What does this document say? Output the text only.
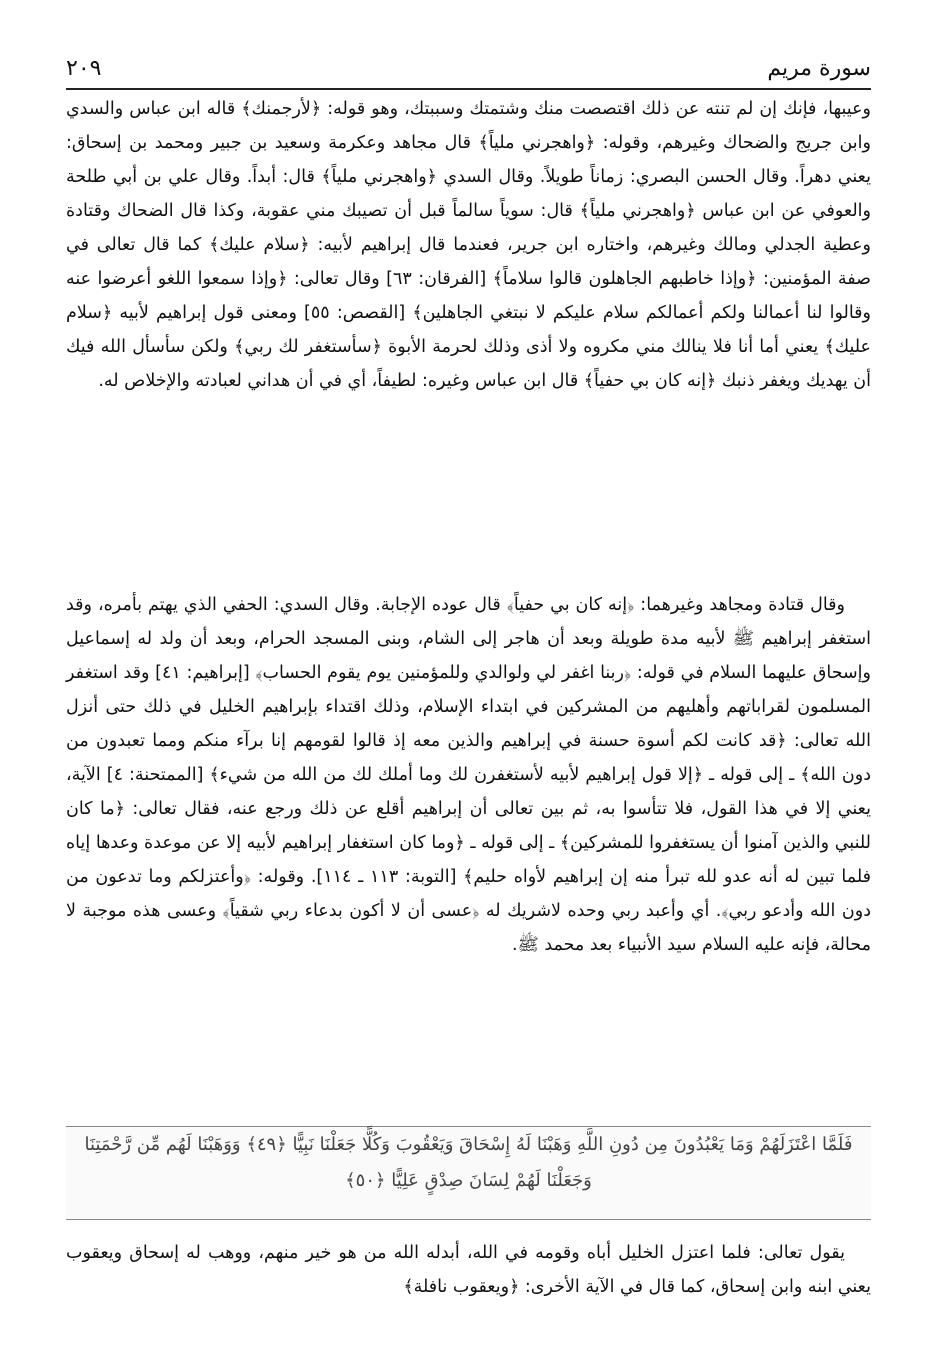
٢٠٩	سورة مريم

وعيبها، فإنك إن لم تنته عن ذلك اقتصصت منك وشتمتك وسببتك، وهو قوله: ﴿لأرجمنك﴾ قاله ابن عباس والسدي وابن جريج والضحاك وغيرهم، وقوله: ﴿واهجرني ملياً﴾ قال مجاهد وعكرمة وسعيد بن جبير ومحمد بن إسحاق: يعني دهراً. وقال الحسن البصري: زماناً طويلاً. وقال السدي ﴿واهجرني ملياً﴾ قال: أبداً. وقال علي بن أبي طلحة والعوفي عن ابن عباس ﴿واهجرني ملياً﴾ قال: سوياً سالماً قبل أن تصيبك مني عقوبة، وكذا قال الضحاك وقتادة وعطية الجدلي ومالك وغيرهم، واختاره ابن جرير، فعندما قال إبراهيم لأبيه: ﴿سلام عليك﴾ كما قال تعالى في صفة المؤمنين: ﴿وإذا خاطبهم الجاهلون قالوا سلاماً﴾ [الفرقان: ٦٣] وقال تعالى: ﴿وإذا سمعوا اللغو أعرضوا عنه وقالوا لنا أعمالنا ولكم أعمالكم سلام عليكم لا نبتغي الجاهلين﴾ [القصص: ٥٥] ومعنى قول إبراهيم لأبيه ﴿سلام عليك﴾ يعني أما أنا فلا ينالك مني مكروه ولا أذى وذلك لحرمة الأبوة ﴿سأستغفر لك ربي﴾ ولكن سأسأل الله فيك أن يهديك ويغفر ذنبك ﴿إنه كان بي حفياً﴾ قال ابن عباس وغيره: لطيفاً، أي في أن هداني لعبادته والإخلاص له.

وقال قتادة ومجاهد وغيرهما: ﴿إنه كان بي حفياً﴾ قال عوده الإجابة. وقال السدي: الحفي الذي يهتم بأمره، وقد استغفر إبراهيم ﷺ لأبيه مدة طويلة وبعد أن هاجر إلى الشام، وبنى المسجد الحرام، وبعد أن ولد له إسماعيل وإسحاق عليهما السلام في قوله: ﴿ربنا اغفر لي ولوالدي وللمؤمنين يوم يقوم الحساب﴾ [إبراهيم: ٤١] وقد استغفر المسلمون لقراباتهم وأهليهم من المشركين في ابتداء الإسلام، وذلك اقتداء بإبراهيم الخليل في ذلك حتى أنزل الله تعالى: ﴿قد كانت لكم أسوة حسنة في إبراهيم والذين معه إذ قالوا لقومهم إنا برآء منكم ومما تعبدون من دون الله﴾ ـ إلى قوله ـ ﴿إلا قول إبراهيم لأبيه لأستغفرن لك وما أملك لك من الله من شيء﴾ [الممتحنة: ٤] الآية، يعني إلا في هذا القول، فلا تتأسوا به، ثم بين تعالى أن إبراهيم أقلع عن ذلك ورجع عنه، فقال تعالى: ﴿ما كان للنبي والذين آمنوا أن يستغفروا للمشركين﴾ ـ إلى قوله ـ ﴿وما كان استغفار إبراهيم لأبيه إلا عن موعدة وعدها إياه فلما تبين له أنه عدو لله تبرأ منه إن إبراهيم لأواه حليم﴾ [التوبة: ١١٣ ـ ١١٤]. وقوله: ﴿وأعتزلكم وما تدعون من دون الله وأدعو ربي﴾. أي وأعبد ربي وحده لاشريك له ﴿عسى أن لا أكون بدعاء ربي شقياً﴾ وعسى هذه موجبة لا محالة، فإنه عليه السلام سيد الأنبياء بعد محمد ﷺ.

فَلَمَّا اعْتَزَلَهُمْ وَمَا يَعْبُدُونَ مِن دُونِ اللَّهِ وَهَبْنَا لَهُ إِسْحَاقَ وَيَعْقُوبَ وَكُلًّا جَعَلْنَا نَبِيًّا ﴿٤٩﴾ وَوَهَبْنَا لَهُم مِّن رَّحْمَتِنَا
وَجَعَلْنَا لَهُمْ لِسَانَ صِدْقٍ عَلِيًّا ﴿٥٠﴾

يقول تعالى: فلما اعتزل الخليل أباه وقومه في الله، أبدله الله من هو خير منهم، ووهب له إسحاق ويعقوب يعني ابنه وابن إسحاق، كما قال في الآية الأخرى: ﴿ويعقوب نافلة﴾
